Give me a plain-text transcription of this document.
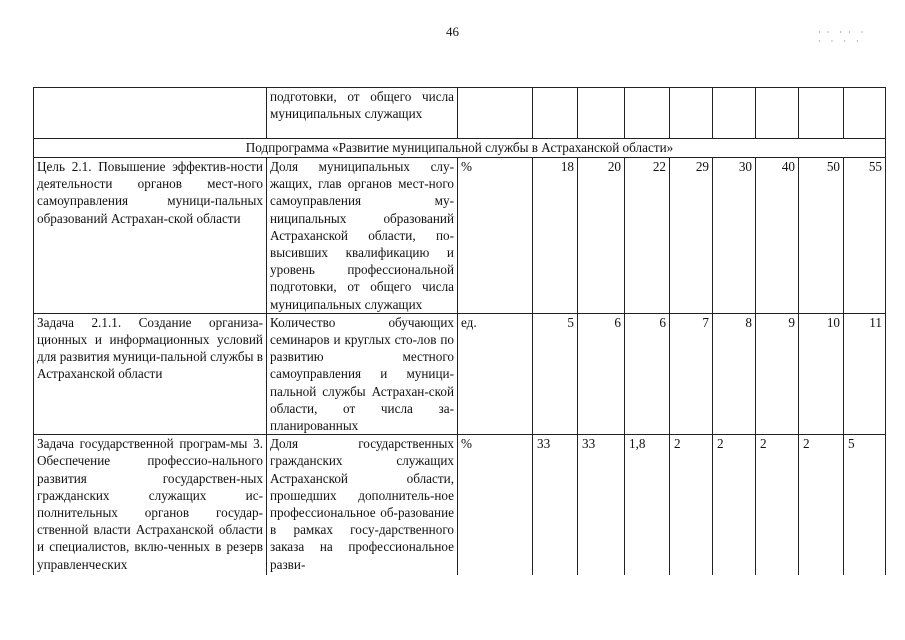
46	· ·  · ·  ·
·  ·  ·  ·
	подготовки, от общего числа муниципальных служащих									
Подпрограмма «Развитие муниципальной службы в Астраханской области»										
Цель 2.1. Повышение эффектив-ности деятельности органов мест-ного самоуправления муници-пальных образований Астрахан-ской области	Доля муниципальных слу-жащих, глав органов мест-ного самоуправления му-ниципальных образований Астраханской области, по-высивших квалификацию и уровень профессиональной подготовки, от общего числа муниципальных служащих	%	18	20	22	29	30	40	50	55
Задача 2.1.1. Создание организа-ционных и информационных условий для развития муници-пальной службы в Астраханской области	Количество обучающих семинаров и круглых сто-лов по развитию местного самоуправления и муници-пальной службы Астрахан-ской области, от числа за-планированных	ед.	5	6	6	7	8	9	10	11
Задача государственной програм-мы 3. Обеспечение профессио-нального развития государствен-ных гражданских служащих ис-полнительных органов государ-ственной власти Астраханской области и специалистов, вклю-ченных в резерв управленческих	Доля государственных гражданских служащих Астраханской области, прошедших дополнитель-ное профессиональное об-разование в рамках госу-дарственного заказа на профессиональное разви-	%	33	33	1,8	2	2	2	2	5
